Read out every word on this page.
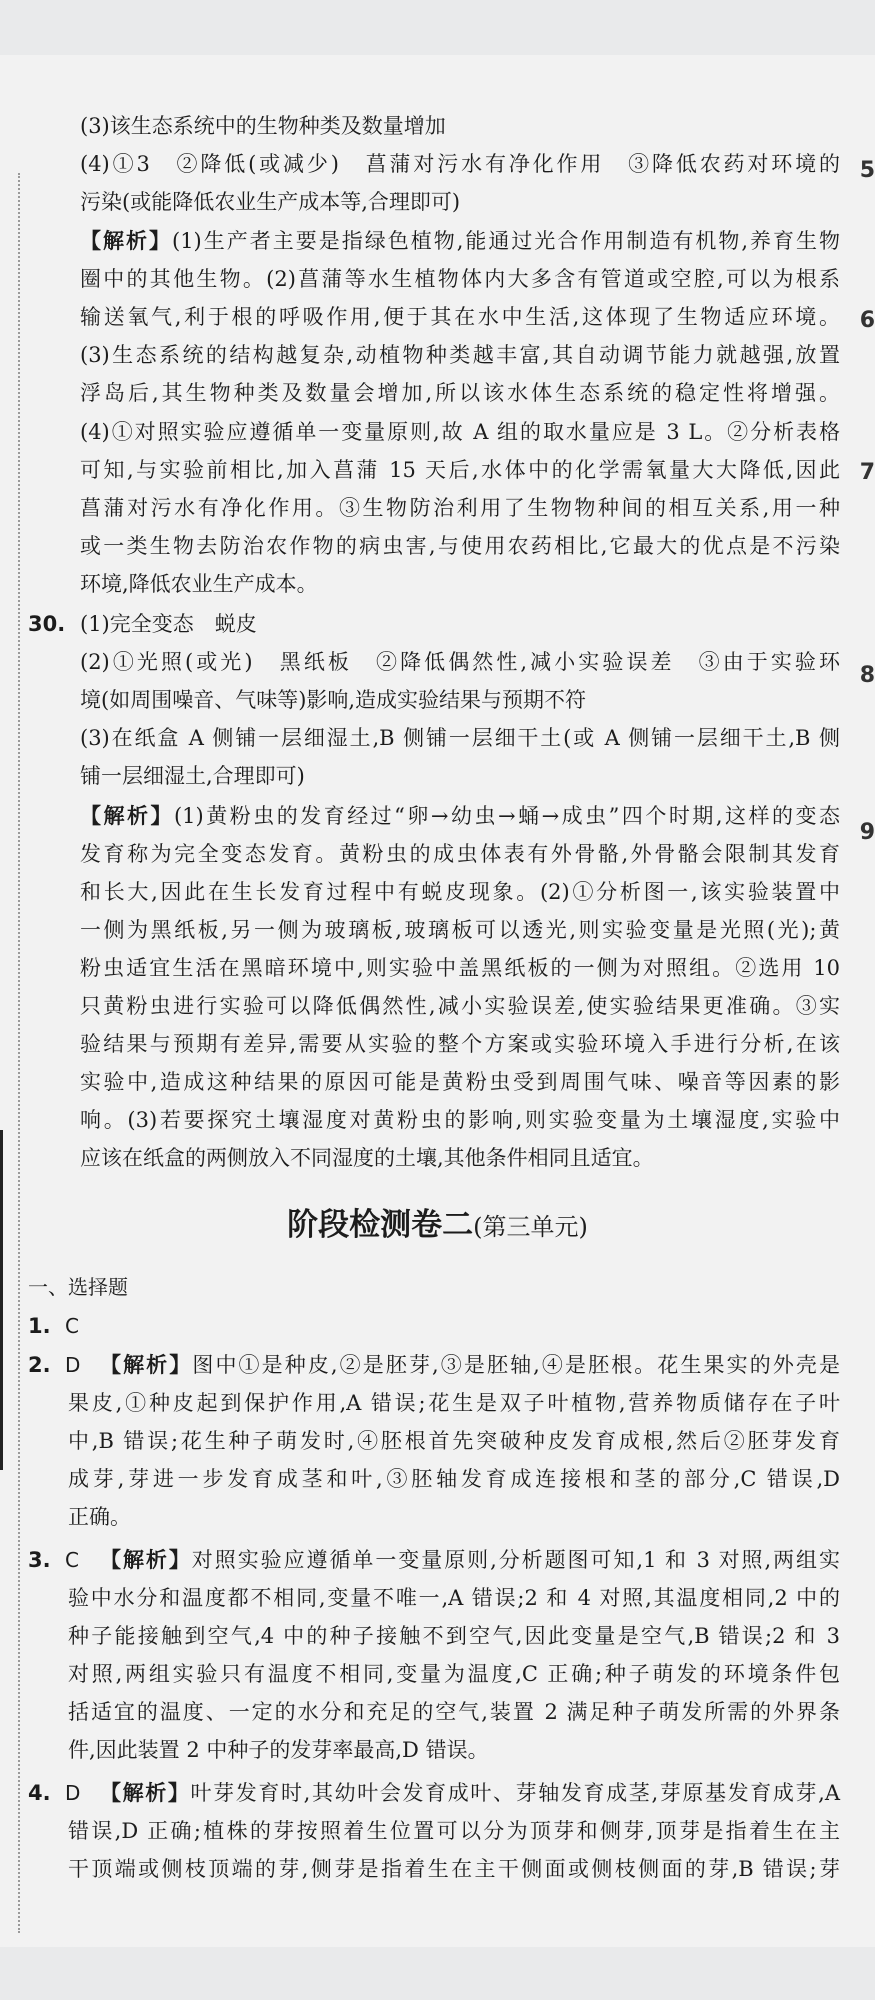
5
6
7
8
9
(3)该生态系统中的生物种类及数量增加
(4)①3　②降低(或减少)　菖蒲对污水有净化作用　③降低农药对环境的
污染(或能降低农业生产成本等,合理即可)
【解析】(1)生产者主要是指绿色植物,能通过光合作用制造有机物,养育生物
圈中的其他生物。(2)菖蒲等水生植物体内大多含有管道或空腔,可以为根系
输送氧气,利于根的呼吸作用,便于其在水中生活,这体现了生物适应环境。
(3)生态系统的结构越复杂,动植物种类越丰富,其自动调节能力就越强,放置
浮岛后,其生物种类及数量会增加,所以该水体生态系统的稳定性将增强。
(4)①对照实验应遵循单一变量原则,故 A 组的取水量应是 3 L。②分析表格
可知,与实验前相比,加入菖蒲 15 天后,水体中的化学需氧量大大降低,因此
菖蒲对污水有净化作用。③生物防治利用了生物物种间的相互关系,用一种
或一类生物去防治农作物的病虫害,与使用农药相比,它最大的优点是不污染
环境,降低农业生产成本。
30. (1)完全变态　蜕皮
(2)①光照(或光)　黑纸板　②降低偶然性,减小实验误差　③由于实验环
境(如周围噪音、气味等)影响,造成实验结果与预期不符
(3)在纸盒 A 侧铺一层细湿土,B 侧铺一层细干土(或 A 侧铺一层细干土,B 侧
铺一层细湿土,合理即可)
【解析】(1)黄粉虫的发育经过“卵→幼虫→蛹→成虫”四个时期,这样的变态
发育称为完全变态发育。黄粉虫的成虫体表有外骨骼,外骨骼会限制其发育
和长大,因此在生长发育过程中有蜕皮现象。(2)①分析图一,该实验装置中
一侧为黑纸板,另一侧为玻璃板,玻璃板可以透光,则实验变量是光照(光);黄
粉虫适宜生活在黑暗环境中,则实验中盖黑纸板的一侧为对照组。②选用 10
只黄粉虫进行实验可以降低偶然性,减小实验误差,使实验结果更准确。③实
验结果与预期有差异,需要从实验的整个方案或实验环境入手进行分析,在该
实验中,造成这种结果的原因可能是黄粉虫受到周围气味、噪音等因素的影
响。(3)若要探究土壤湿度对黄粉虫的影响,则实验变量为土壤湿度,实验中
应该在纸盒的两侧放入不同湿度的土壤,其他条件相同且适宜。
阶段检测卷二(第三单元)
一、选择题
1. C
2. D 【解析】图中①是种皮,②是胚芽,③是胚轴,④是胚根。花生果实的外壳是
果皮,①种皮起到保护作用,A 错误;花生是双子叶植物,营养物质储存在子叶
中,B 错误;花生种子萌发时,④胚根首先突破种皮发育成根,然后②胚芽发育
成芽,芽进一步发育成茎和叶,③胚轴发育成连接根和茎的部分,C 错误,D
正确。
3. C 【解析】对照实验应遵循单一变量原则,分析题图可知,1 和 3 对照,两组实
验中水分和温度都不相同,变量不唯一,A 错误;2 和 4 对照,其温度相同,2 中的
种子能接触到空气,4 中的种子接触不到空气,因此变量是空气,B 错误;2 和 3
对照,两组实验只有温度不相同,变量为温度,C 正确;种子萌发的环境条件包
括适宜的温度、一定的水分和充足的空气,装置 2 满足种子萌发所需的外界条
件,因此装置 2 中种子的发芽率最高,D 错误。
4. D 【解析】叶芽发育时,其幼叶会发育成叶、芽轴发育成茎,芽原基发育成芽,A
错误,D 正确;植株的芽按照着生位置可以分为顶芽和侧芽,顶芽是指着生在主
干顶端或侧枝顶端的芽,侧芽是指着生在主干侧面或侧枝侧面的芽,B 错误;芽
